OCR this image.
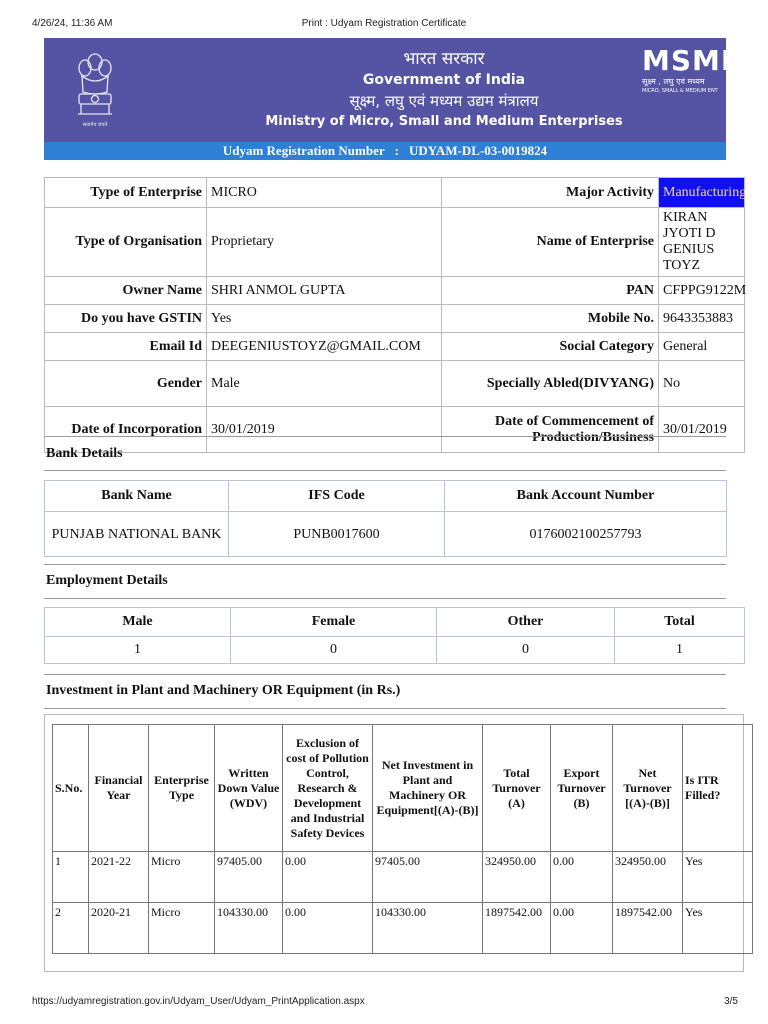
4/26/24, 11:36 AM	Print : Udyam Registration Certificate
सत्यमेव जयते
भारत सरकार
Government of India
सूक्ष्म, लघु एवं मध्यम उद्यम मंत्रालय
Ministry of Micro, Small and Medium Enterprises
MSME
सूक्ष्म , लघु एवं मध्यम
MICRO, SMALL & MEDIUM ENT
Udyam Registration Number : UDYAM-DL-03-0019824
Type of Enterprise	MICRO	Major Activity	Manufacturing
Type of Organisation	Proprietary	Name of Enterprise	KIRAN JYOTI D GENIUS TOYZ
Owner Name	SHRI ANMOL GUPTA	PAN	CFPPG9122M
Do you have GSTIN	Yes	Mobile No.	9643353883
Email Id	DEEGENIUSTOYZ@GMAIL.COM	Social Category	General
Gender	Male	Specially Abled(DIVYANG)	No
Date of Incorporation	30/01/2019	Date of Commencement of Production/Business	30/01/2019
Bank Details
Bank Name	IFS Code	Bank Account Number
PUNJAB NATIONAL BANK	PUNB0017600	0176002100257793
Employment Details
Male	Female	Other	Total
1	0	0	1
Investment in Plant and Machinery OR Equipment (in Rs.)
S.No.	Financial Year	Enterprise Type	Written Down Value (WDV)	Exclusion of cost of Pollution Control, Research & Development and Industrial Safety Devices	Net Investment in Plant and Machinery OR Equipment[(A)-(B)]	Total Turnover (A)	Export Turnover (B)	Net Turnover [(A)-(B)]	Is ITR Filled?
1	2021-22	Micro	97405.00	0.00	97405.00	324950.00	0.00	324950.00	Yes
2	2020-21	Micro	104330.00	0.00	104330.00	1897542.00	0.00	1897542.00	Yes
https://udyamregistration.gov.in/Udyam_User/Udyam_PrintApplication.aspx	3/5
